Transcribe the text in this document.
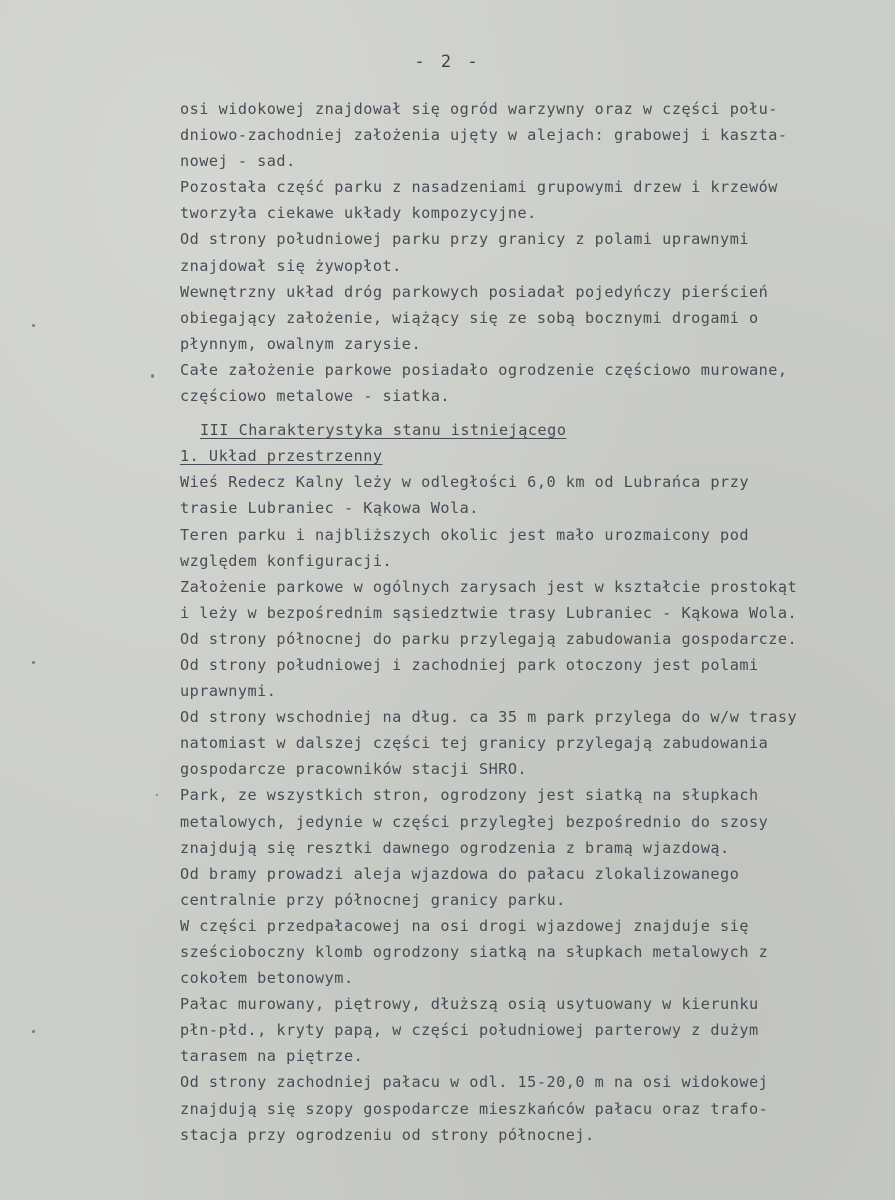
- 2 -
osi widokowej znajdował się ogród warzywny oraz w części połu-
dniowo-zachodniej założenia ujęty w alejach: grabowej i kaszta-
nowej - sad.
Pozostała część parku z nasadzeniami grupowymi drzew i krzewów
tworzyła ciekawe układy kompozycyjne.
Od strony południowej parku przy granicy z polami uprawnymi
znajdował się żywopłot.
Wewnętrzny układ dróg parkowych posiadał pojedyńczy pierścień
obiegający założenie, wiążący się ze sobą bocznymi drogami o
płynnym, owalnym zarysie.
Całe założenie parkowe posiadało ogrodzenie częściowo murowane,
częściowo metalowe - siatka.
III Charakterystyka stanu istniejącego
1. Układ przestrzenny
Wieś Redecz Kalny leży w odległości 6,0 km od Lubrańca przy
trasie Lubraniec - Kąkowa Wola.
Teren parku i najbliższych okolic jest mało urozmaicony pod
względem konfiguracji.
Założenie parkowe w ogólnych zarysach jest w kształcie prostokąt
i leży w bezpośrednim sąsiedztwie trasy Lubraniec - Kąkowa Wola.
Od strony północnej do parku przylegają zabudowania gospodarcze.
Od strony południowej i zachodniej park otoczony jest polami
uprawnymi.
Od strony wschodniej na dług. ca 35 m park przylega do w/w trasy
natomiast w dalszej części tej granicy przylegają zabudowania
gospodarcze pracowników stacji SHRO.
Park, ze wszystkich stron, ogrodzony jest siatką na słupkach
metalowych, jedynie w części przyległej bezpośrednio do szosy
znajdują się resztki dawnego ogrodzenia z bramą wjazdową.
Od bramy prowadzi aleja wjazdowa do pałacu zlokalizowanego
centralnie przy północnej granicy parku.
W części przedpałacowej na osi drogi wjazdowej znajduje się
sześcioboczny klomb ogrodzony siatką na słupkach metalowych z
cokołem betonowym.
Pałac murowany, piętrowy, dłuższą osią usytuowany w kierunku
płn-płd., kryty papą, w części południowej parterowy z dużym
tarasem na piętrze.
Od strony zachodniej pałacu w odl. 15-20,0 m na osi widokowej
znajdują się szopy gospodarcze mieszkańców pałacu oraz trafo-
stacja przy ogrodzeniu od strony północnej.
